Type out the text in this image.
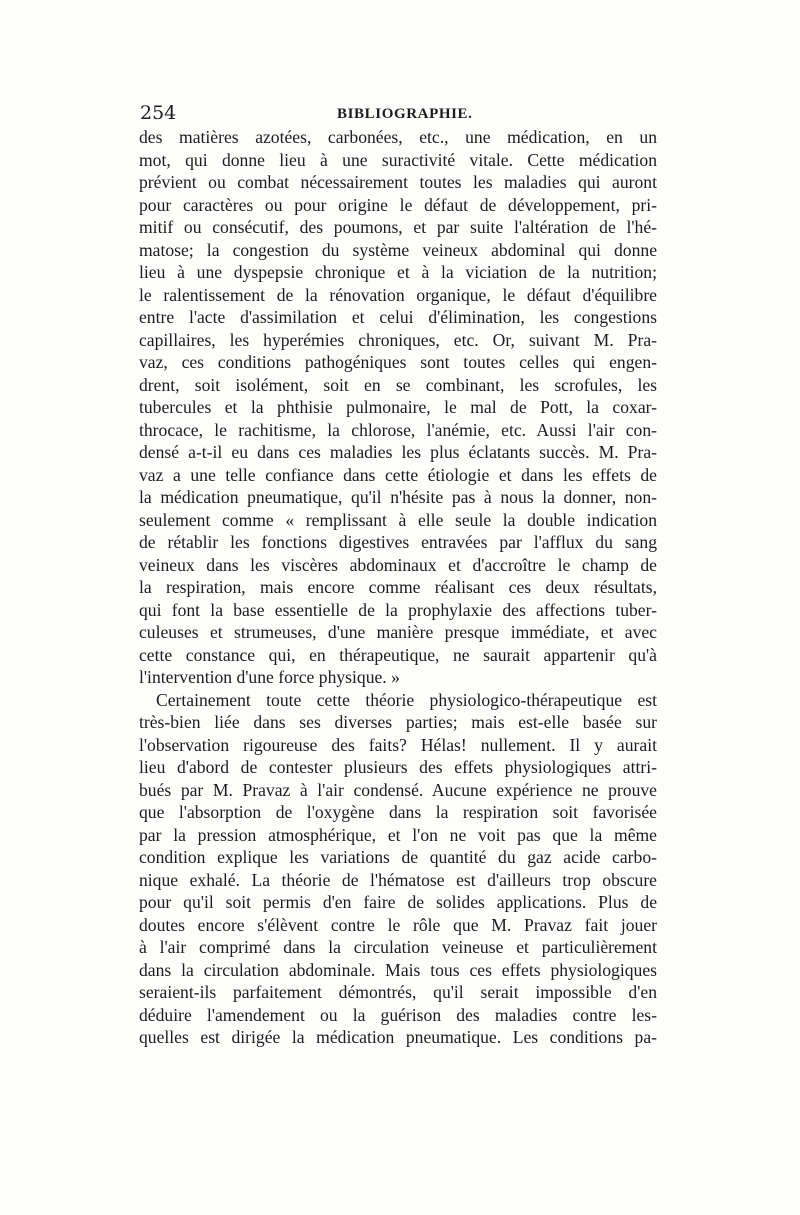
254	BIBLIOGRAPHIE.
des matières azotées, carbonées, etc., une médication, en un
mot, qui donne lieu à une suractivité vitale. Cette médication
prévient ou combat nécessairement toutes les maladies qui auront
pour caractères ou pour origine le défaut de développement, pri-
mitif ou consécutif, des poumons, et par suite l'altération de l'hé-
matose; la congestion du système veineux abdominal qui donne
lieu à une dyspepsie chronique et à la viciation de la nutrition;
le ralentissement de la rénovation organique, le défaut d'équilibre
entre l'acte d'assimilation et celui d'élimination, les congestions
capillaires, les hyperémies chroniques, etc. Or, suivant M. Pra-
vaz, ces conditions pathogéniques sont toutes celles qui engen-
drent, soit isolément, soit en se combinant, les scrofules, les
tubercules et la phthisie pulmonaire, le mal de Pott, la coxar-
throcace, le rachitisme, la chlorose, l'anémie, etc. Aussi l'air con-
densé a-t-il eu dans ces maladies les plus éclatants succès. M. Pra-
vaz a une telle confiance dans cette étiologie et dans les effets de
la médication pneumatique, qu'il n'hésite pas à nous la donner, non-
seulement comme « remplissant à elle seule la double indication
de rétablir les fonctions digestives entravées par l'afflux du sang
veineux dans les viscères abdominaux et d'accroître le champ de
la respiration, mais encore comme réalisant ces deux résultats,
qui font la base essentielle de la prophylaxie des affections tuber-
culeuses et strumeuses, d'une manière presque immédiate, et avec
cette constance qui, en thérapeutique, ne saurait appartenir qu'à
l'intervention d'une force physique. »
Certainement toute cette théorie physiologico-thérapeutique est
très-bien liée dans ses diverses parties; mais est-elle basée sur
l'observation rigoureuse des faits? Hélas! nullement. Il y aurait
lieu d'abord de contester plusieurs des effets physiologiques attri-
bués par M. Pravaz à l'air condensé. Aucune expérience ne prouve
que l'absorption de l'oxygène dans la respiration soit favorisée
par la pression atmosphérique, et l'on ne voit pas que la même
condition explique les variations de quantité du gaz acide carbo-
nique exhalé. La théorie de l'hématose est d'ailleurs trop obscure
pour qu'il soit permis d'en faire de solides applications. Plus de
doutes encore s'élèvent contre le rôle que M. Pravaz fait jouer
à l'air comprimé dans la circulation veineuse et particulièrement
dans la circulation abdominale. Mais tous ces effets physiologiques
seraient-ils parfaitement démontrés, qu'il serait impossible d'en
déduire l'amendement ou la guérison des maladies contre les-
quelles est dirigée la médication pneumatique. Les conditions pa-
